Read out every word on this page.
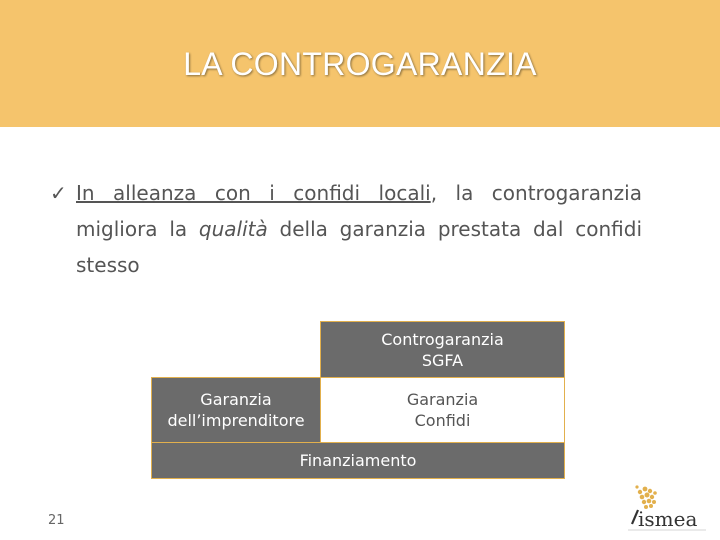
LA CONTROGARANZIA
✓ In alleanza con i confidi locali, la controgaranzia migliora la qualità della garanzia prestata dal confidi stesso
Controgaranzia
SGFA
Garanzia
dell’imprenditore
Garanzia
Confidi
Finanziamento
21	ismea
